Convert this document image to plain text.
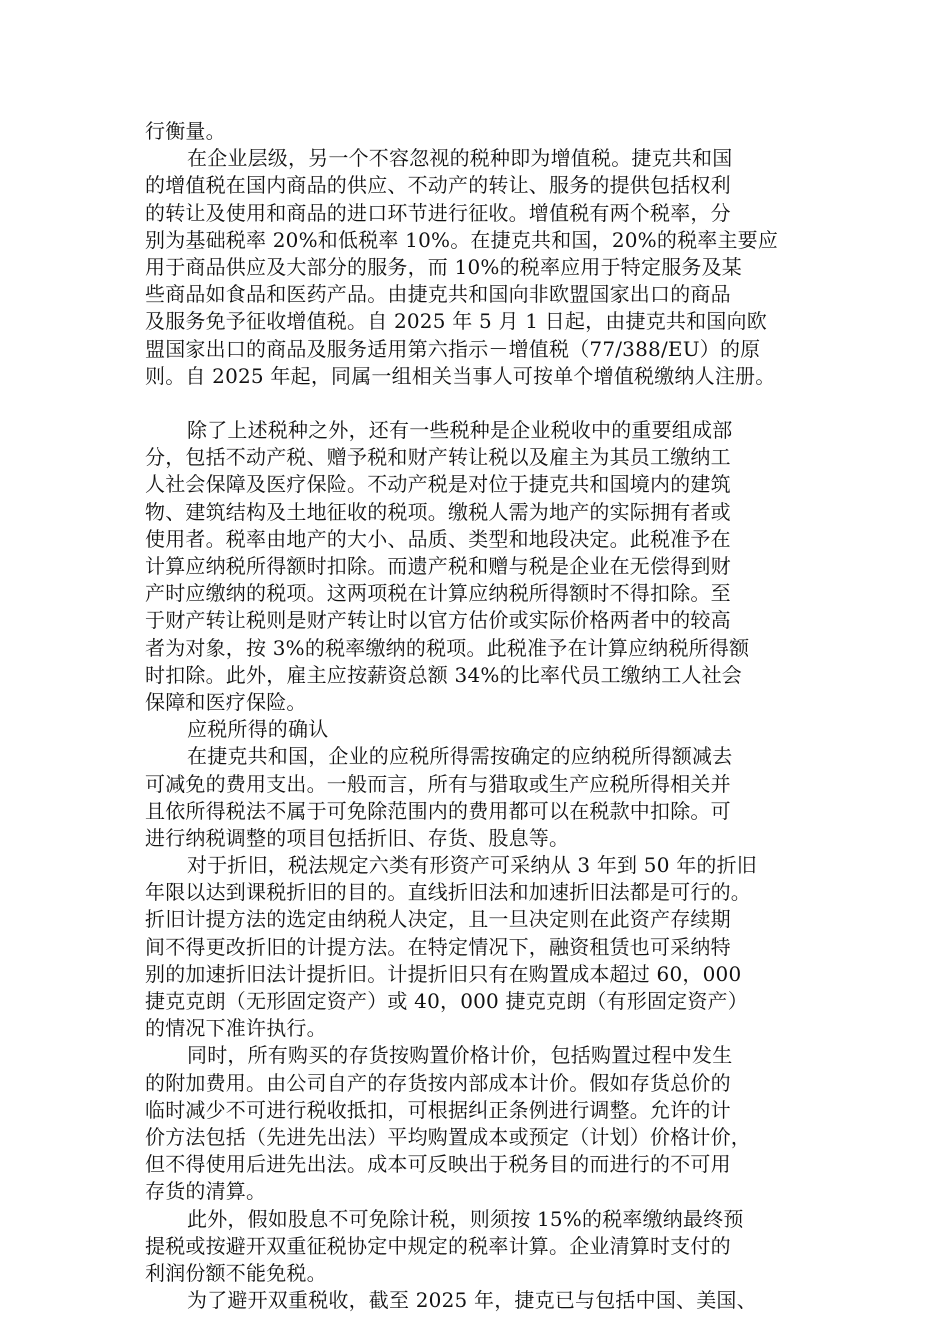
行衡量。
在企业层级，另一个不容忽视的税种即为增值税。捷克共和国
的增值税在国内商品的供应、不动产的转让、服务的提供包括权利
的转让及使用和商品的进口环节进行征收。增值税有两个税率，分
别为基础税率 20%和低税率 10%。在捷克共和国，20%的税率主要应
用于商品供应及大部分的服务，而 10%的税率应用于特定服务及某
些商品如食品和医药产品。由捷克共和国向非欧盟国家出口的商品
及服务免予征收增值税。自 2025 年 5 月 1 日起，由捷克共和国向欧
盟国家出口的商品及服务适用第六指示－增值税（77/388/EU）的原
则。自 2025 年起，同属一组相关当事人可按单个增值税缴纳人注册。
除了上述税种之外，还有一些税种是企业税收中的重要组成部
分，包括不动产税、赠予税和财产转让税以及雇主为其员工缴纳工
人社会保障及医疗保险。不动产税是对位于捷克共和国境内的建筑
物、建筑结构及土地征收的税项。缴税人需为地产的实际拥有者或
使用者。税率由地产的大小、品质、类型和地段决定。此税准予在
计算应纳税所得额时扣除。而遗产税和赠与税是企业在无偿得到财
产时应缴纳的税项。这两项税在计算应纳税所得额时不得扣除。至
于财产转让税则是财产转让时以官方估价或实际价格两者中的较高
者为对象，按 3%的税率缴纳的税项。此税准予在计算应纳税所得额
时扣除。此外，雇主应按薪资总额 34%的比率代员工缴纳工人社会
保障和医疗保险。
应税所得的确认
在捷克共和国，企业的应税所得需按确定的应纳税所得额减去
可减免的费用支出。一般而言，所有与猎取或生产应税所得相关并
且依所得税法不属于可免除范围内的费用都可以在税款中扣除。可
进行纳税调整的项目包括折旧、存货、股息等。
对于折旧，税法规定六类有形资产可采纳从 3 年到 50 年的折旧
年限以达到课税折旧的目的。直线折旧法和加速折旧法都是可行的。
折旧计提方法的选定由纳税人决定，且一旦决定则在此资产存续期
间不得更改折旧的计提方法。在特定情况下，融资租赁也可采纳特
别的加速折旧法计提折旧。计提折旧只有在购置成本超过 60，000
捷克克朗（无形固定资产）或 40，000 捷克克朗（有形固定资产）
的情况下准许执行。
同时，所有购买的存货按购置价格计价，包括购置过程中发生
的附加费用。由公司自产的存货按内部成本计价。假如存货总价的
临时减少不可进行税收抵扣，可根据纠正条例进行调整。允许的计
价方法包括（先进先出法）平均购置成本或预定（计划）价格计价，
但不得使用后进先出法。成本可反映出于税务目的而进行的不可用
存货的清算。
此外，假如股息不可免除计税，则须按 15%的税率缴纳最终预
提税或按避开双重征税协定中规定的税率计算。企业清算时支付的
利润份额不能免税。
为了避开双重税收，截至 2025 年，捷克已与包括中国、美国、
